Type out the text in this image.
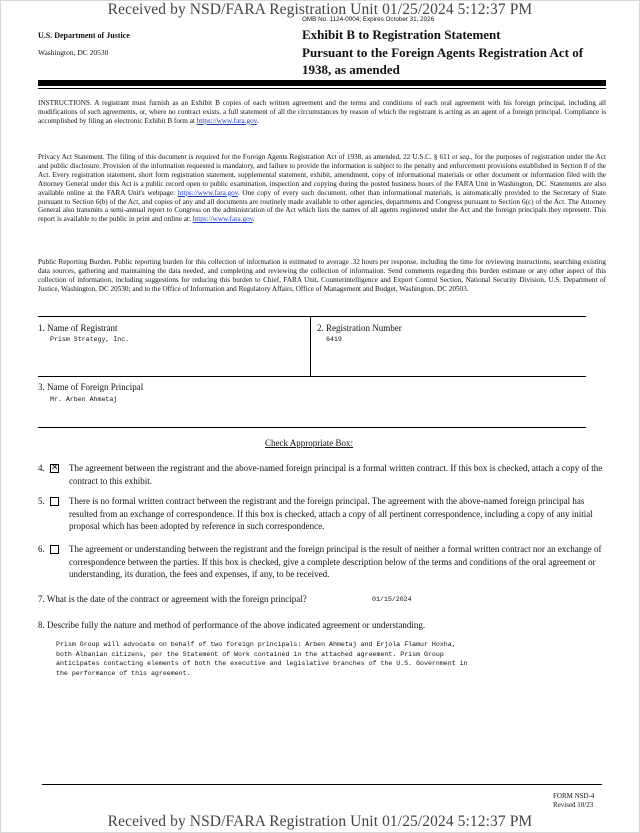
Received by NSD/FARA Registration Unit 01/25/2024 5:12:37 PM
OMB No. 1124-0004; Expires October 31, 2026
U.S. Department of Justice
Washington, DC 20530
Exhibit B to Registration Statement
Pursuant to the Foreign Agents Registration Act of
1938, as amended
INSTRUCTIONS. A registrant must furnish as an Exhibit B copies of each written agreement and the terms and conditions of each oral agreement with his foreign principal, including all modifications of such agreements, or, where no contract exists, a full statement of all the circumstances by reason of which the registrant is acting as an agent of a foreign principal. Compliance is accomplished by filing an electronic Exhibit B form at https://www.fara.gov.
Privacy Act Statement. The filing of this document is required for the Foreign Agents Registration Act of 1938, as amended, 22 U.S.C. § 611 et seq., for the purposes of registration under the Act and public disclosure. Provision of the information requested is mandatory, and failure to provide the information is subject to the penalty and enforcement provisions established in Section 8 of the Act. Every registration statement, short form registration statement, supplemental statement, exhibit, amendment, copy of informational materials or other document or information filed with the Attorney General under this Act is a public record open to public examination, inspection and copying during the posted business hours of the FARA Unit in Washington, DC. Statements are also available online at the FARA Unit's webpage: https://www.fara.gov. One copy of every such document, other than informational materials, is automatically provided to the Secretary of State pursuant to Section 6(b) of the Act, and copies of any and all documents are routinely made available to other agencies, departments and Congress pursuant to Section 6(c) of the Act. The Attorney General also transmits a semi-annual report to Congress on the administration of the Act which lists the names of all agents registered under the Act and the foreign principals they represent. This report is available to the public in print and online at: https://www.fara.gov.
Public Reporting Burden. Public reporting burden for this collection of information is estimated to average .32 hours per response, including the time for reviewing instructions, searching existing data sources, gathering and maintaining the data needed, and completing and reviewing the collection of information. Send comments regarding this burden estimate or any other aspect of this collection of information, including suggestions for reducing this burden to Chief, FARA Unit, Counterintelligence and Export Control Section, National Security Division, U.S. Department of Justice, Washington, DC 20530; and to the Office of Information and Regulatory Affairs, Office of Management and Budget, Washington, DC 20503.
1. Name of Registrant
Prism Strategy, Inc.
2. Registration Number
6419
3. Name of Foreign Principal
Mr. Arben Ahmetaj
Check Appropriate Box:
4. ✕ The agreement between the registrant and the above-named foreign principal is a formal written contract. If this box is checked, attach a copy of the contract to this exhibit.
5.	There is no formal written contract between the registrant and the foreign principal. The agreement with the above-named foreign principal has resulted from an exchange of correspondence. If this box is checked, attach a copy of all pertinent correspondence, including a copy of any initial proposal which has been adopted by reference in such correspondence.
6.	The agreement or understanding between the registrant and the foreign principal is the result of neither a formal written contract nor an exchange of correspondence between the parties. If this box is checked, give a complete description below of the terms and conditions of the oral agreement or understanding, its duration, the fees and expenses, if any, to be received.
7. What is the date of the contract or agreement with the foreign principal?	01/15/2024
8. Describe fully the nature and method of performance of the above indicated agreement or understanding.
Prism Group will advocate on behalf of two foreign principals: Arben Ahmetaj and Erjola Flamur Hoxha,
both Albanian citizens, per the Statement of Work contained in the attached agreement. Prism Group
anticipates contacting elements of both the executive and legislative branches of the U.S. Government in
the performance of this agreement.
FORM NSD-4
Revised 10/23
Received by NSD/FARA Registration Unit 01/25/2024 5:12:37 PM
